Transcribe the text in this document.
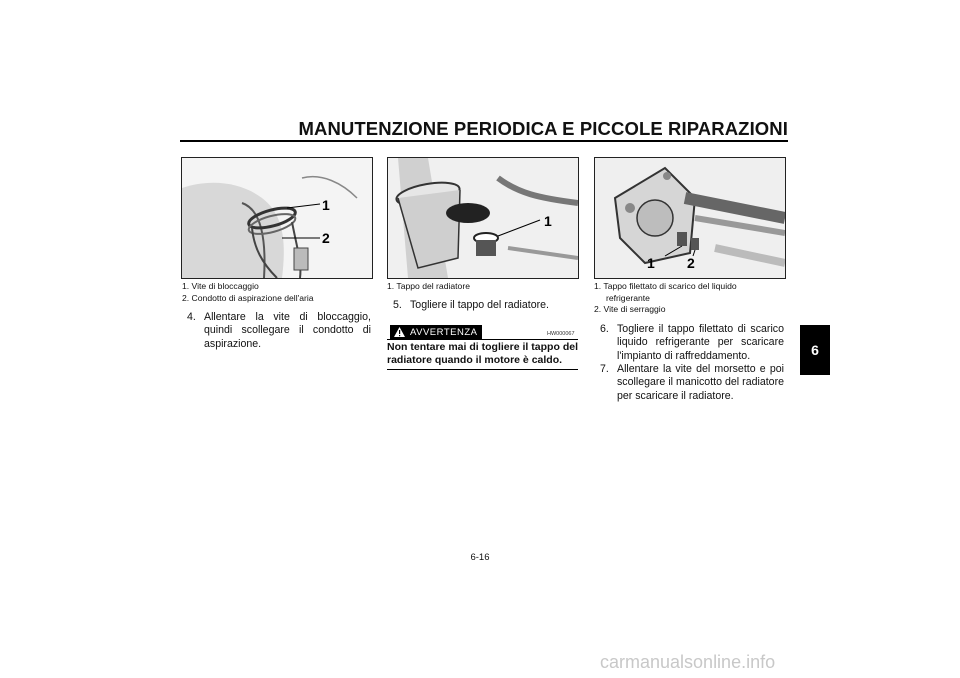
MANUTENZIONE PERIODICA E PICCOLE RIPARAZIONI
6
1
2
1. Vite di bloccaggio
2. Condotto di aspirazione dell'aria
4. Allentare la vite di bloccaggio, quindi scollegare il condotto di aspirazione.
1
1. Tappo del radiatore
5. Togliere il tappo del radiatore.
AVVERTENZA	HW000067
Non tentare mai di togliere il tappo del radiatore quando il motore è caldo.
1 2
1. Tappo filettato di scarico del liquido
refrigerante
2. Vite di serraggio
6. Togliere il tappo filettato di scarico liquido refrigerante per scaricare l'impianto di raffreddamento.
7. Allentare la vite del morsetto e poi scollegare il manicotto del radiatore per scaricare il radiatore.
6-16
carmanualsonline.info
